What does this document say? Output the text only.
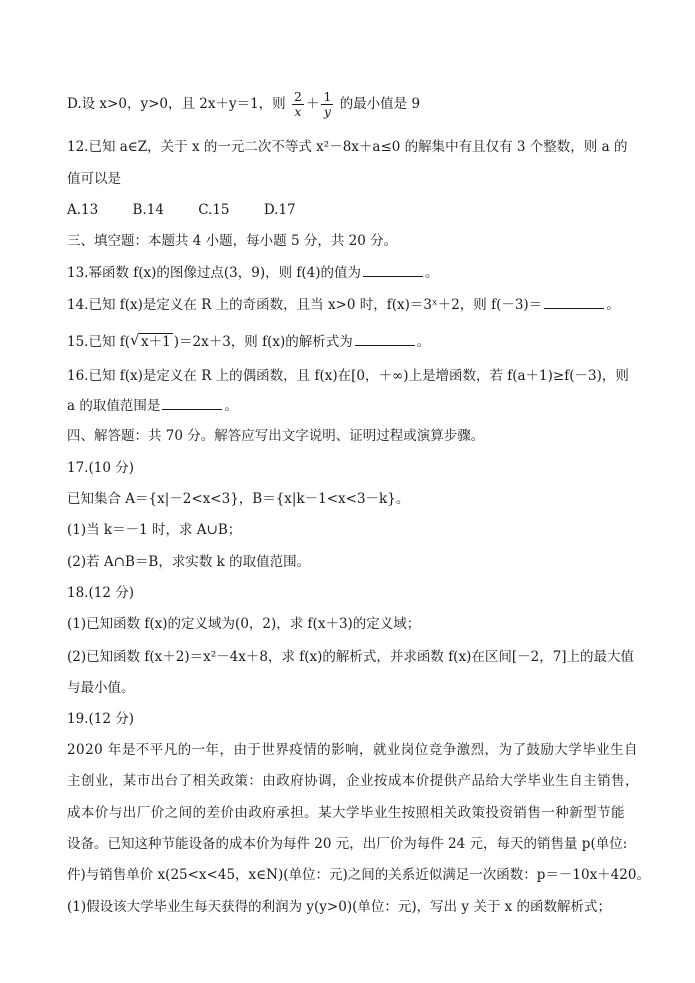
D.设 x>0，y>0，且 2x＋y＝1，则 $\frac{2}{x} + \frac{1}{y}$ 的最小值是 9
12.已知 a∈Z，关于 x 的一元二次不等式 x²－8x＋a≤0 的解集中有且仅有 3 个整数，则 a 的
值可以是
A.13	B.14	C.15	D.17
三、填空题：本题共 4 小题，每小题 5 分，共 20 分。
13.幂函数 f(x)的图像过点(3，9)，则 f(4)的值为	。
14.已知 f(x)是定义在 R 上的奇函数，且当 x>0 时，f(x)＝3ˣ＋2，则 f(－3)＝	。
15.已知 f( √ x＋1 )＝2x＋3，则 f(x)的解析式为	。
16.已知 f(x)是定义在 R 上的偶函数，且 f(x)在[0，＋∞)上是增函数，若 f(a＋1)≥f(－3)，则
a 的取值范围是	。
四、解答题：共 70 分。解答应写出文字说明、证明过程或演算步骤。
17.(10 分)
已知集合 A＝{x|－2<x<3}，B＝{x|k－1<x<3－k}。
(1)当 k＝－1 时，求 A∪B；
(2)若 A∩B＝B，求实数 k 的取值范围。
18.(12 分)
(1)已知函数 f(x)的定义域为(0，2)，求 f(x＋3)的定义域；
(2)已知函数 f(x＋2)＝x²－4x＋8，求 f(x)的解析式，并求函数 f(x)在区间[－2，7]上的最大值
与最小值。
19.(12 分)
2020 年是不平凡的一年，由于世界疫情的影响，就业岗位竞争激烈，为了鼓励大学毕业生自
主创业，某市出台了相关政策：由政府协调，企业按成本价提供产品给大学毕业生自主销售，
成本价与出厂价之间的差价由政府承担。某大学毕业生按照相关政策投资销售一种新型节能
设备。已知这种节能设备的成本价为每件 20 元，出厂价为每件 24 元，每天的销售量 p(单位:
件)与销售单价 x(25<x<45，x∈N)(单位：元)之间的关系近似满足一次函数：p＝－10x＋420。
(1)假设该大学毕业生每天获得的利润为 y(y>0)(单位：元)，写出 y 关于 x 的函数解析式；
